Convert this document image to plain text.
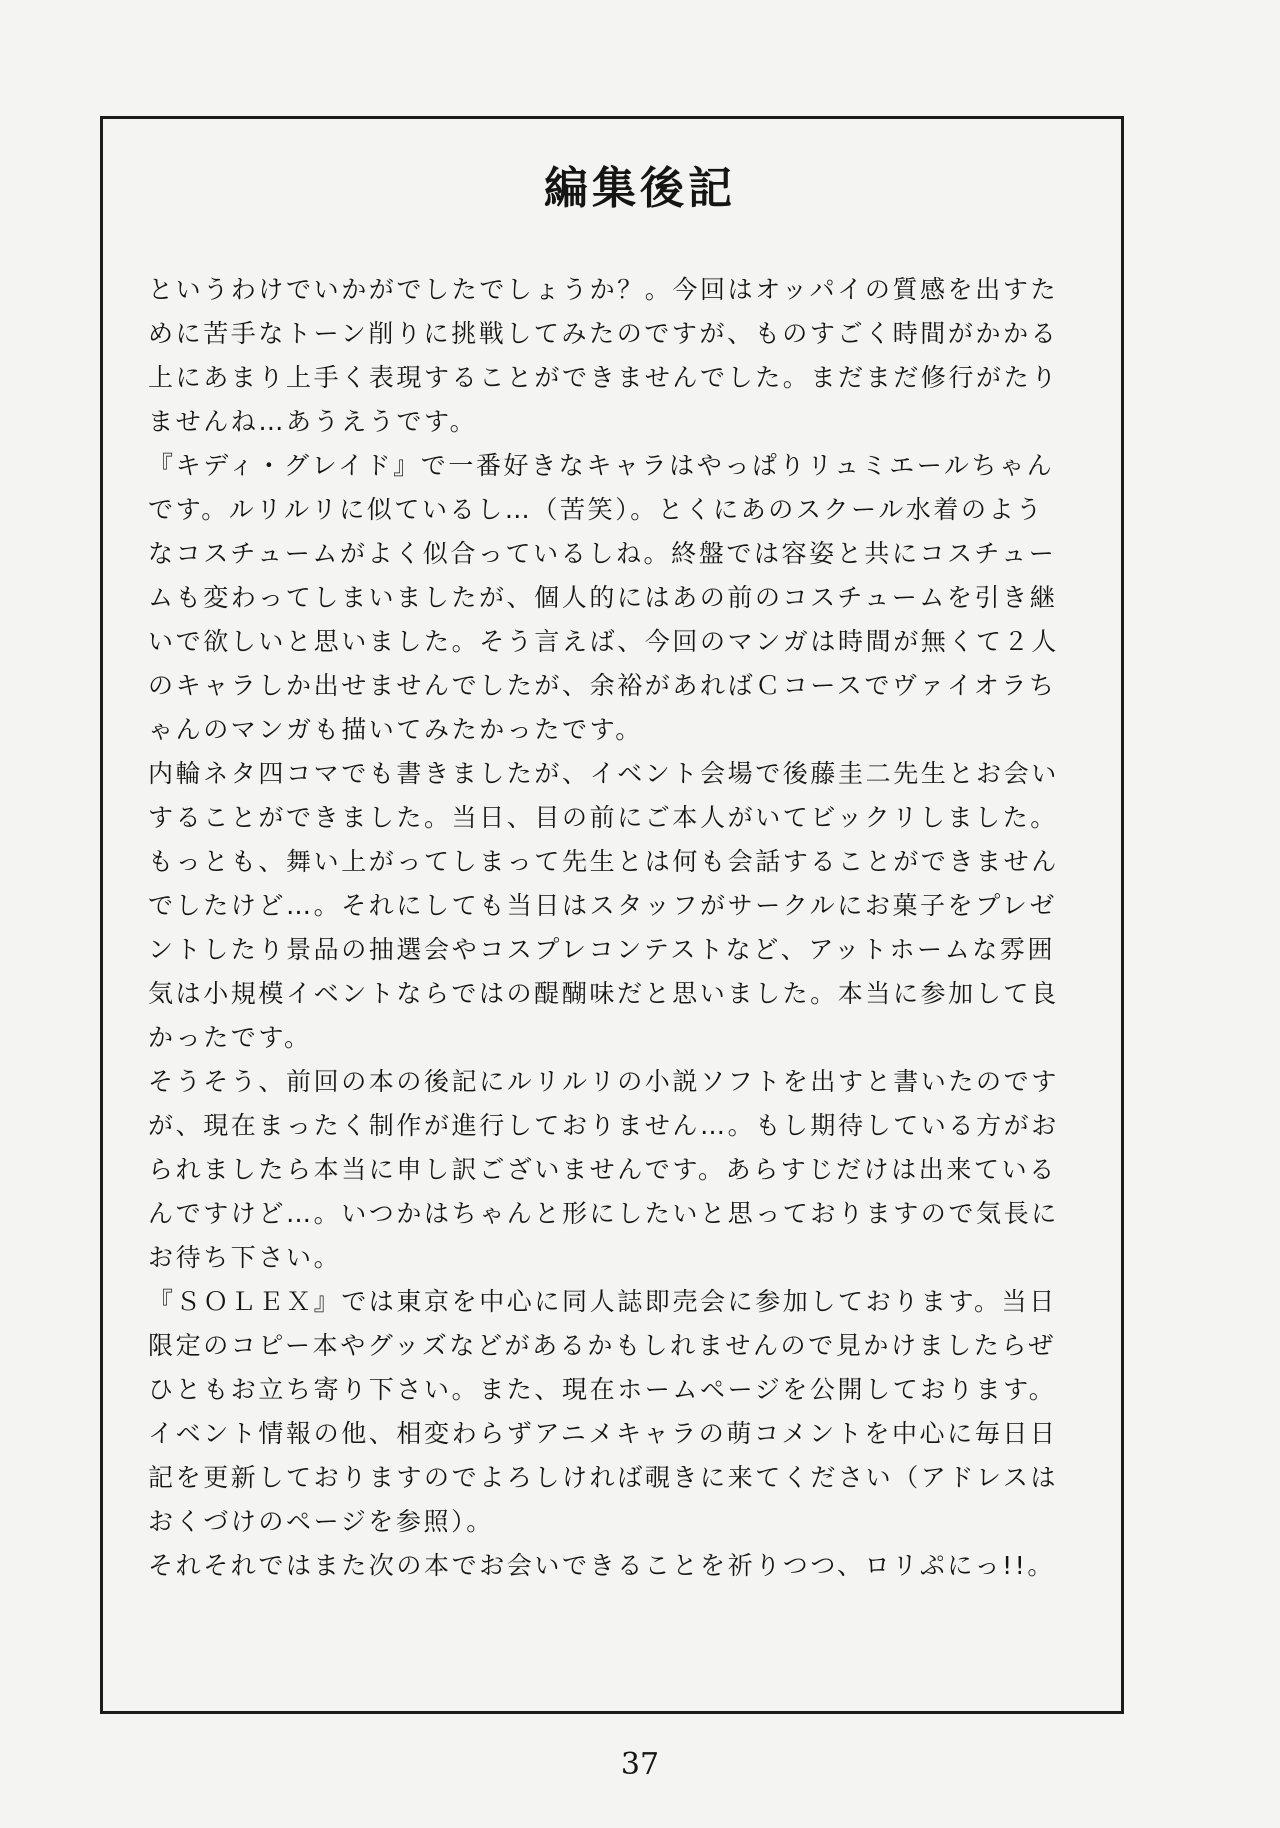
編集後記
というわけでいかがでしたでしょうか？。今回はオッパイの質感を出すた
めに苦手なトーン削りに挑戦してみたのですが、ものすごく時間がかかる
上にあまり上手く表現することができませんでした。まだまだ修行がたり
ませんね…あうえうです。
『キディ・グレイド』で一番好きなキャラはやっぱりリュミエールちゃん
です。ルリルリに似ているし…（苦笑）。とくにあのスクール水着のよう
なコスチュームがよく似合っているしね。終盤では容姿と共にコスチュー
ムも変わってしまいましたが、個人的にはあの前のコスチュームを引き継
いで欲しいと思いました。そう言えば、今回のマンガは時間が無くて２人
のキャラしか出せませんでしたが、余裕があればＣコースでヴァイオラち
ゃんのマンガも描いてみたかったです。
内輪ネタ四コマでも書きましたが、イベント会場で後藤圭二先生とお会い
することができました。当日、目の前にご本人がいてビックリしました。
もっとも、舞い上がってしまって先生とは何も会話することができません
でしたけど…。それにしても当日はスタッフがサークルにお菓子をプレゼ
ントしたり景品の抽選会やコスプレコンテストなど、アットホームな雰囲
気は小規模イベントならではの醍醐味だと思いました。本当に参加して良
かったです。
そうそう、前回の本の後記にルリルリの小説ソフトを出すと書いたのです
が、現在まったく制作が進行しておりません…。もし期待している方がお
られましたら本当に申し訳ございませんです。あらすじだけは出来ている
んですけど…。いつかはちゃんと形にしたいと思っておりますので気長に
お待ち下さい。
『ＳＯＬＥＸ』では東京を中心に同人誌即売会に参加しております。当日
限定のコピー本やグッズなどがあるかもしれませんので見かけましたらぜ
ひともお立ち寄り下さい。また、現在ホームページを公開しております。
イベント情報の他、相変わらずアニメキャラの萌コメントを中心に毎日日
記を更新しておりますのでよろしければ覗きに来てください（アドレスは
おくづけのページを参照）。
それそれではまた次の本でお会いできることを祈りつつ、ロリぷにっ!!。

37
